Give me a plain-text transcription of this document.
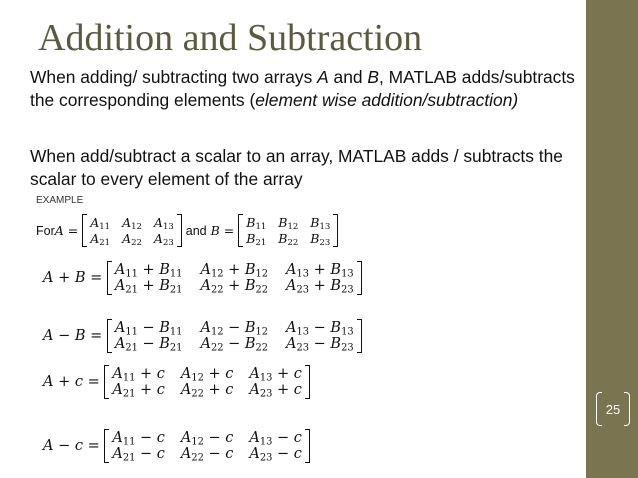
25
Addition and Subtraction
When adding/ subtracting two arrays A and B, MATLAB adds/subtracts the corresponding elements (element wise addition/subtraction)
When add/subtract a scalar to an array, MATLAB adds / subtracts the scalar to every element of the array
EXAMPLE
For A =
$A_{11}$ $A_{12}$ $A_{13}$
$A_{21}$ $A_{22}$ $A_{23}$
and B =
$B_{11}$ $B_{12}$ $B_{13}$
$B_{21}$ $B_{22}$ $B_{23}$
$A + B = A_{11} + B_{11}$ $A_{12} + B_{12}$ $A_{13} + B_{13}$
$A_{21} + B_{21}$ $A_{22} + B_{22}$ $A_{23} + B_{23}$
$A - B = A_{11} - B_{11}$ $A_{12} - B_{12}$ $A_{13} - B_{13}$
$A_{21} - B_{21}$ $A_{22} - B_{22}$ $A_{23} - B_{23}$
$A + c = A_{11} + c$ $A_{12} + c$ $A_{13} + c$
$A_{21} + c$ $A_{22} + c$ $A_{23} + c$
$A - c = A_{11} - c$ $A_{12} - c$ $A_{13} - c$
$A_{21} - c$ $A_{22} - c$ $A_{23} - c$
